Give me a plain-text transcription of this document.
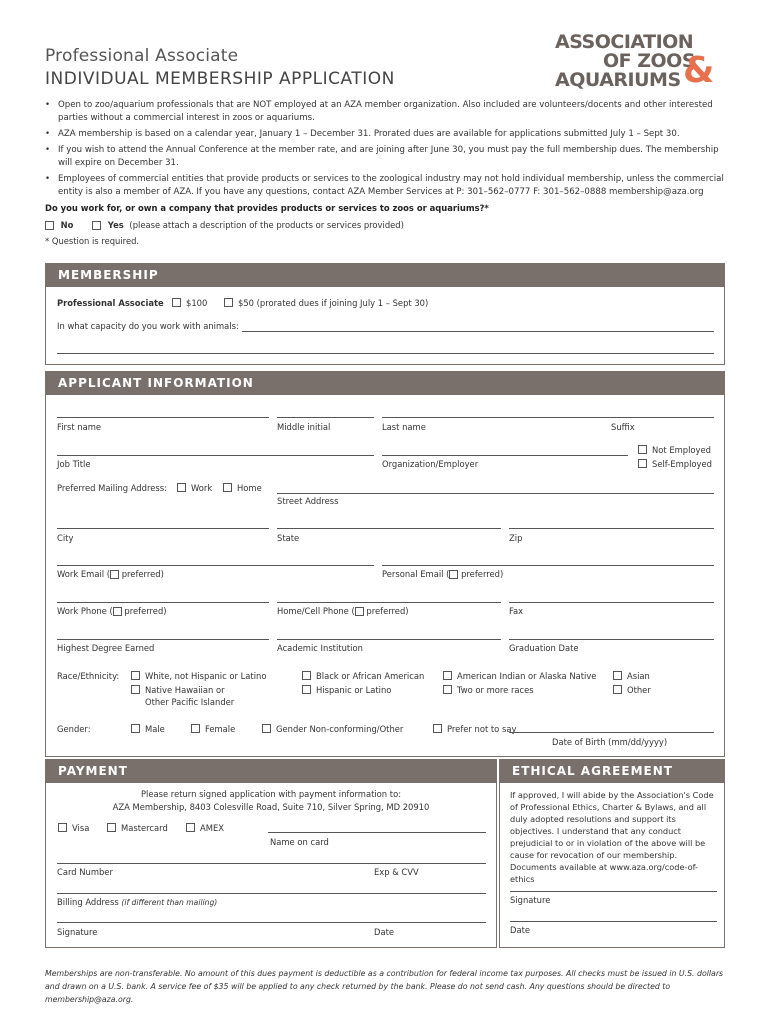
Professional Associate
INDIVIDUAL MEMBERSHIP APPLICATION
ASSOCIATION
OF ZOOS
AQUARIUMS &
• Open to zoo/aquarium professionals that are NOT employed at an AZA member organization. Also included are volunteers/docents and other interested parties without a commercial interest in zoos or aquariums.
• AZA membership is based on a calendar year, January 1 – December 31. Prorated dues are available for applications submitted July 1 – Sept 30.
• If you wish to attend the Annual Conference at the member rate, and are joining after June 30, you must pay the full membership dues. The membership will expire on December 31.
• Employees of commercial entities that provide products or services to the zoological industry may not hold individual membership, unless the commercial entity is also a member of AZA. If you have any questions, contact AZA Member Services at P: 301–562–0777 F: 301–562–0888 membership@aza.org
Do you work for, or own a company that provides products or services to zoos or aquariums?*
No	Yes (please attach a description of the products or services provided)
* Question is required.
MEMBERSHIP
Professional Associate	$100	$50 (prorated dues if joining July 1 – Sept 30)
In what capacity do you work with animals:
APPLICANT INFORMATION
First name	Middle initial	Last name	Suffix
Not Employed
Self-Employed
Job Title	Organization/Employer
Preferred Mailing Address:	Work	Home
Street Address
City	State	Zip
Work Email ( preferred)	Personal Email ( preferred)
Work Phone ( preferred)	Home/Cell Phone ( preferred)	Fax
Highest Degree Earned	Academic Institution	Graduation Date
Race/Ethnicity:	White, not Hispanic or Latino	Black or African American	American Indian or Alaska Native	Asian
Native Hawaiian or
Other Pacific Islander
Hispanic or Latino	Two or more races	Other
Gender:	Male	Female	Gender Non-conforming/Other	Prefer not to say
Date of Birth (mm/dd/yyyy)
PAYMENT
Please return signed application with payment information to:
AZA Membership, 8403 Colesville Road, Suite 710, Silver Spring, MD 20910
Visa	Mastercard	AMEX
Name on card
Card Number	Exp & CVV
Billing Address (if different than mailing)
Signature	Date
ETHICAL AGREEMENT
If approved, I will abide by the Association's Code of Professional Ethics, Charter & Bylaws, and all duly adopted resolutions and support its objectives. I understand that any conduct prejudicial to or in violation of the above will be cause for revocation of our membership. Documents available at www.aza.org/code-of-ethics
Signature
Date
Memberships are non-transferable. No amount of this dues payment is deductible as a contribution for federal income tax purposes. All checks must be issued in U.S. dollars and drawn on a U.S. bank. A service fee of $35 will be applied to any check returned by the bank. Please do not send cash. Any questions should be directed to membership@aza.org.
